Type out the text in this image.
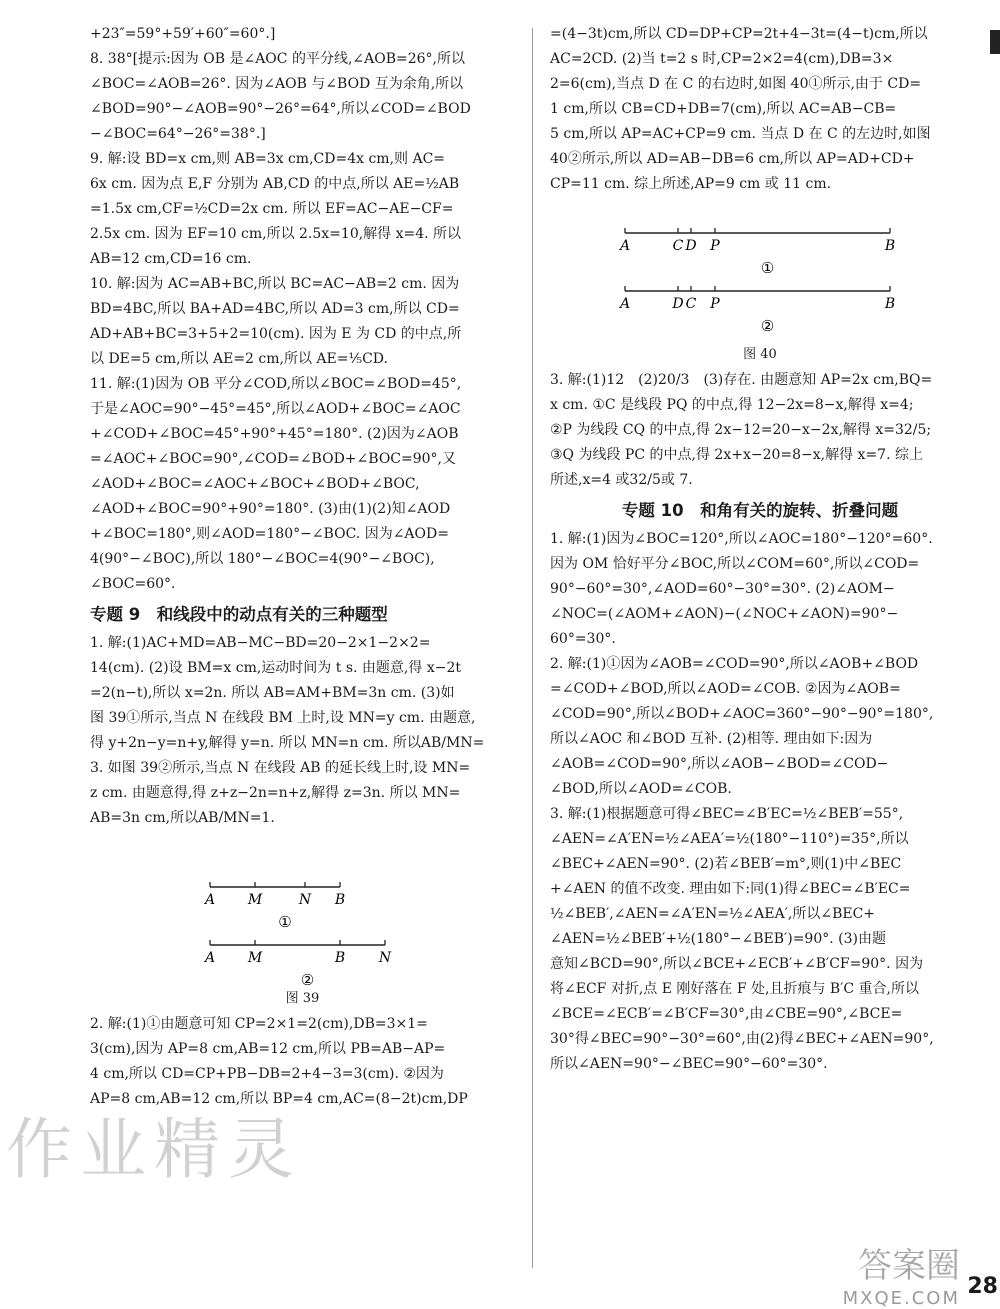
+23″=59°+59′+60″=60°.]
8. 38°[提示:因为 OB 是∠AOC 的平分线,∠AOB=26°,所以
∠BOC=∠AOB=26°. 因为∠AOB 与∠BOD 互为余角,所以
∠BOD=90°−∠AOB=90°−26°=64°,所以∠COD=∠BOD
−∠BOC=64°−26°=38°.]
9. 解:设 BD=x cm,则 AB=3x cm,CD=4x cm,则 AC=
6x cm. 因为点 E,F 分别为 AB,CD 的中点,所以 AE=½AB
=1.5x cm,CF=½CD=2x cm. 所以 EF=AC−AE−CF=
2.5x cm. 因为 EF=10 cm,所以 2.5x=10,解得 x=4. 所以
AB=12 cm,CD=16 cm.
10. 解:因为 AC=AB+BC,所以 BC=AC−AB=2 cm. 因为
BD=4BC,所以 BA+AD=4BC,所以 AD=3 cm,所以 CD=
AD+AB+BC=3+5+2=10(cm). 因为 E 为 CD 的中点,所
以 DE=5 cm,所以 AE=2 cm,所以 AE=⅕CD.
11. 解:(1)因为 OB 平分∠COD,所以∠BOC=∠BOD=45°,
于是∠AOC=90°−45°=45°,所以∠AOD+∠BOC=∠AOC
+∠COD+∠BOC=45°+90°+45°=180°. (2)因为∠AOB
=∠AOC+∠BOC=90°,∠COD=∠BOD+∠BOC=90°,又
∠AOD+∠BOC=∠AOC+∠BOC+∠BOD+∠BOC,
∠AOD+∠BOC=90°+90°=180°. (3)由(1)(2)知∠AOD
+∠BOC=180°,则∠AOD=180°−∠BOC. 因为∠AOD=
4(90°−∠BOC),所以 180°−∠BOC=4(90°−∠BOC),
∠BOC=60°.
专题 9　和线段中的动点有关的三种题型
1. 解:(1)AC+MD=AB−MC−BD=20−2×1−2×2=
14(cm). (2)设 BM=x cm,运动时间为 t s. 由题意,得 x−2t
=2(n−t),所以 x=2n. 所以 AB=AM+BM=3n cm. (3)如
图 39①所示,当点 N 在线段 BM 上时,设 MN=y cm. 由题意,
得 y+2n−y=n+y,解得 y=n. 所以 MN=n cm. 所以AB/MN=
3. 如图 39②所示,当点 N 在线段 AB 的延长线上时,设 MN=
z cm. 由题意得,得 z+z−2n=n+z,解得 z=3n. 所以 MN=
AB=3n cm,所以AB/MN=1.
A M	N B
①
A M	B N
②
图 39
2. 解:(1)①由题意可知 CP=2×1=2(cm),DB=3×1=
3(cm),因为 AP=8 cm,AB=12 cm,所以 PB=AB−AP=
4 cm,所以 CD=CP+PB−DB=2+4−3=3(cm). ②因为
AP=8 cm,AB=12 cm,所以 BP=4 cm,AC=(8−2t)cm,DP
=(4−3t)cm,所以 CD=DP+CP=2t+4−3t=(4−t)cm,所以
AC=2CD. (2)当 t=2 s 时,CP=2×2=4(cm),DB=3×
2=6(cm),当点 D 在 C 的右边时,如图 40①所示,由于 CD=
1 cm,所以 CB=CD+DB=7(cm),所以 AC=AB−CB=
5 cm,所以 AP=AC+CP=9 cm. 当点 D 在 C 的左边时,如图
40②所示,所以 AD=AB−DB=6 cm,所以 AP=AD+CD+
CP=11 cm. 综上所述,AP=9 cm 或 11 cm.
A	C D P	B
①
A	D C P	B
②
图 40
3. 解:(1)12　(2)20/3　(3)存在. 由题意知 AP=2x cm,BQ=
x cm. ①C 是线段 PQ 的中点,得 12−2x=8−x,解得 x=4;
②P 为线段 CQ 的中点,得 2x−12=20−x−2x,解得 x=32/5;
③Q 为线段 PC 的中点,得 2x+x−20=8−x,解得 x=7. 综上
所述,x=4 或32/5或 7.
专题 10　和角有关的旋转、折叠问题
1. 解:(1)因为∠BOC=120°,所以∠AOC=180°−120°=60°.
因为 OM 恰好平分∠BOC,所以∠COM=60°,所以∠COD=
90°−60°=30°,∠AOD=60°−30°=30°. (2)∠AOM−
∠NOC=(∠AOM+∠AON)−(∠NOC+∠AON)=90°−
60°=30°.
2. 解:(1)①因为∠AOB=∠COD=90°,所以∠AOB+∠BOD
=∠COD+∠BOD,所以∠AOD=∠COB. ②因为∠AOB=
∠COD=90°,所以∠BOD+∠AOC=360°−90°−90°=180°,
所以∠AOC 和∠BOD 互补. (2)相等. 理由如下:因为
∠AOB=∠COD=90°,所以∠AOB−∠BOD=∠COD−
∠BOD,所以∠AOD=∠COB.
3. 解:(1)根据题意可得∠BEC=∠B′EC=½∠BEB′=55°,
∠AEN=∠A′EN=½∠AEA′=½(180°−110°)=35°,所以
∠BEC+∠AEN=90°. (2)若∠BEB′=m°,则(1)中∠BEC
+∠AEN 的值不改变. 理由如下:同(1)得∠BEC=∠B′EC=
½∠BEB′,∠AEN=∠A′EN=½∠AEA′,所以∠BEC+
∠AEN=½∠BEB′+½(180°−∠BEB′)=90°. (3)由题
意知∠BCD=90°,所以∠BCE+∠ECB′+∠B′CF=90°. 因为
将∠ECF 对折,点 E 刚好落在 F 处,且折痕与 B′C 重合,所以
∠BCE=∠ECB′=∠B′CF=30°,由∠CBE=90°,∠BCE=
30°得∠BEC=90°−30°=60°,由(2)得∠BEC+∠AEN=90°,
所以∠AEN=90°−∠BEC=90°−60°=30°.
作业精灵
答案圈
MXQE.COM 28
